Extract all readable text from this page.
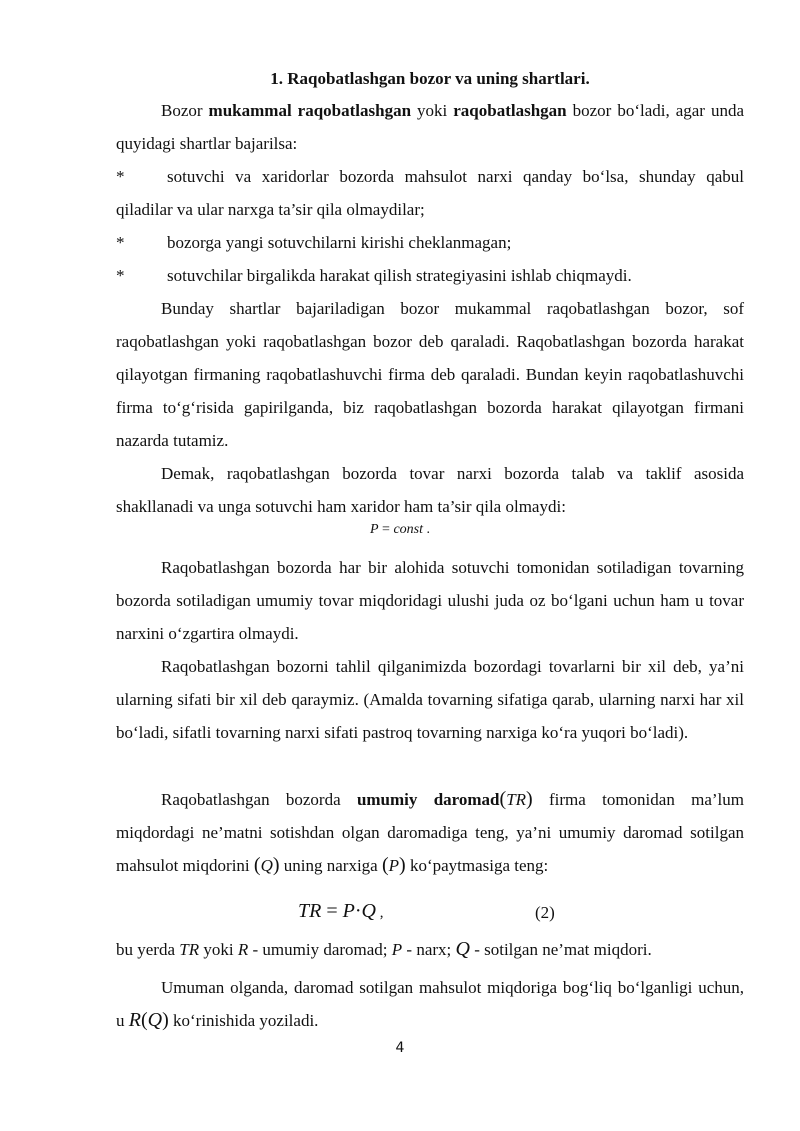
1. Raqobatlashgan bozor va uning shartlari.

Bozor mukammal raqobatlashgan yoki raqobatlashgan bozor bo‘ladi, agar unda quyidagi shartlar bajarilsa:

*	sotuvchi va xaridorlar bozorda mahsulot narxi qanday bo‘lsa, shunday qabul qiladilar va ular narxga ta’sir qila olmaydilar;

*	bozorga yangi sotuvchilarni kirishi cheklanmagan;

*	sotuvchilar birgalikda harakat qilish strategiyasini ishlab chiqmaydi.

Bunday shartlar bajariladigan bozor mukammal raqobatlashgan bozor, sof raqobatlashgan yoki raqobatlashgan bozor deb qaraladi. Raqobatlashgan bozorda harakat qilayotgan firmaning raqobatlashuvchi firma deb qaraladi. Bundan keyin raqobatlashuvchi firma to‘g‘risida gapirilganda, biz raqobatlashgan bozorda harakat qilayotgan firmani nazarda tutamiz.

Demak, raqobatlashgan bozorda tovar narxi bozorda talab va taklif asosida shakllanadi va unga sotuvchi ham xaridor ham ta’sir qila olmaydi:

P = const .

Raqobatlashgan bozorda har bir alohida sotuvchi tomonidan sotiladigan tovarning bozorda sotiladigan umumiy tovar miqdoridagi ulushi juda oz bo‘lgani uchun ham u tovar narxini o‘zgartira olmaydi.

Raqobatlashgan bozorni tahlil qilganimizda bozordagi tovarlarni bir xil deb, ya’ni ularning sifati bir xil deb qaraymiz. (Amalda tovarning sifatiga qarab, ularning narxi har xil bo‘ladi, sifatli tovarning narxi sifati pastroq tovarning narxiga ko‘ra yuqori bo‘ladi).

Raqobatlashgan bozorda umumiy daromad(TR) firma tomonidan ma’lum miqdordagi ne’matni sotishdan olgan daromadiga teng, ya’ni umumiy daromad sotilgan mahsulot miqdorini (Q) uning narxiga (P) ko‘paytmasiga teng:

TR = P·Q ,	(2)

bu yerda TR yoki R - umumiy daromad; P - narx; Q - sotilgan ne’mat miqdori.

Umuman olganda, daromad sotilgan mahsulot miqdoriga bog‘liq bo‘lganligi uchun, u R(Q) ko‘rinishida yoziladi.

4
